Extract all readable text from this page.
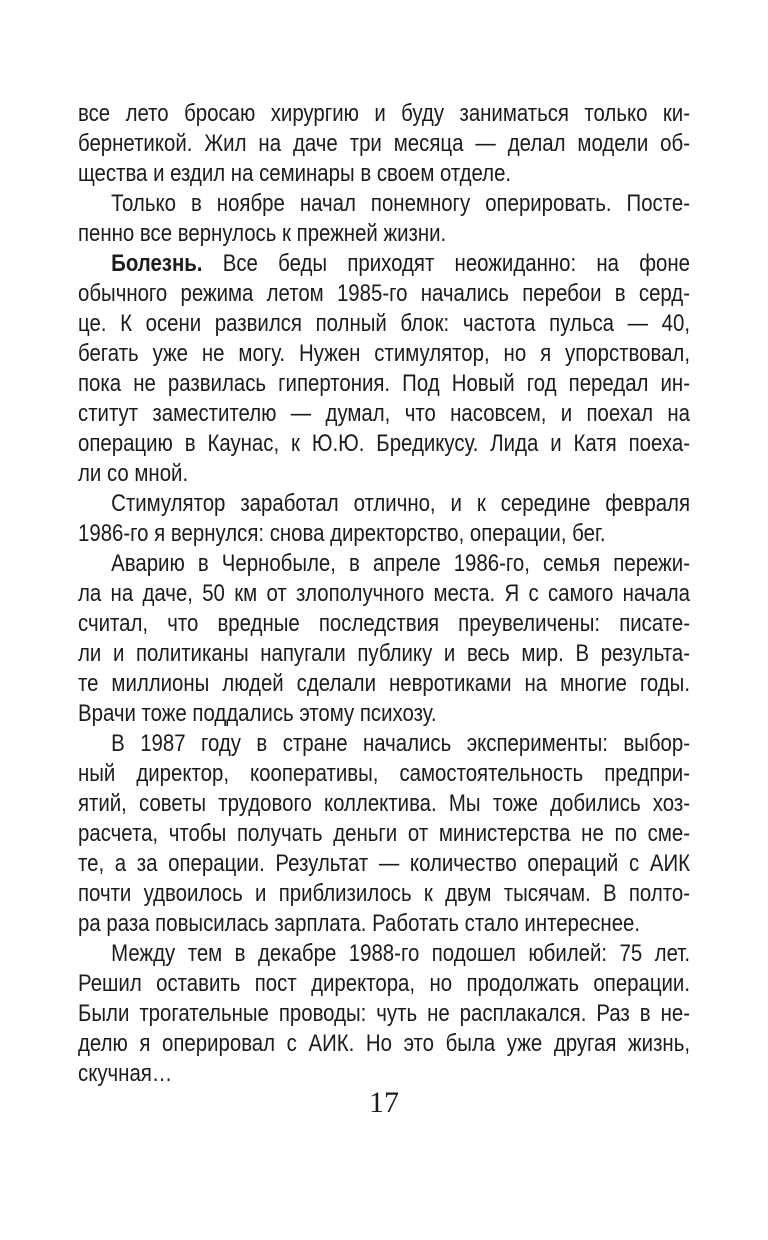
все лето бросаю хирургию и буду заниматься только ки-
бернетикой. Жил на даче три месяца — делал модели об-
щества и ездил на семинары в своем отделе.
Только в ноябре начал понемногу оперировать. Посте-
пенно все вернулось к прежней жизни.
Болезнь. Все беды приходят неожиданно: на фоне
обычного режима летом 1985-го начались перебои в серд-
це. К осени развился полный блок: частота пульса — 40,
бегать уже не могу. Нужен стимулятор, но я упорствовал,
пока не развилась гипертония. Под Новый год передал ин-
ститут заместителю — думал, что насовсем, и поехал на
операцию в Каунас, к Ю.Ю. Бредикусу. Лида и Катя поеха-
ли со мной.
Стимулятор заработал отлично, и к середине февраля
1986-го я вернулся: снова директорство, операции, бег.
Аварию в Чернобыле, в апреле 1986-го, семья пережи-
ла на даче, 50 км от злополучного места. Я с самого начала
считал, что вредные последствия преувеличены: писате-
ли и политиканы напугали публику и весь мир. В результа-
те миллионы людей сделали невротиками на многие годы.
Врачи тоже поддались этому психозу.
В 1987 году в стране начались эксперименты: выбор-
ный директор, кооперативы, самостоятельность предпри-
ятий, советы трудового коллектива. Мы тоже добились хоз-
расчета, чтобы получать деньги от министерства не по сме-
те, а за операции. Результат — количество операций с АИК
почти удвоилось и приблизилось к двум тысячам. В полто-
ра раза повысилась зарплата. Работать стало интереснее.
Между тем в декабре 1988-го подошел юбилей: 75 лет.
Решил оставить пост директора, но продолжать операции.
Были трогательные проводы: чуть не расплакался. Раз в не-
делю я оперировал с АИК. Но это была уже другая жизнь,
скучная…
17
